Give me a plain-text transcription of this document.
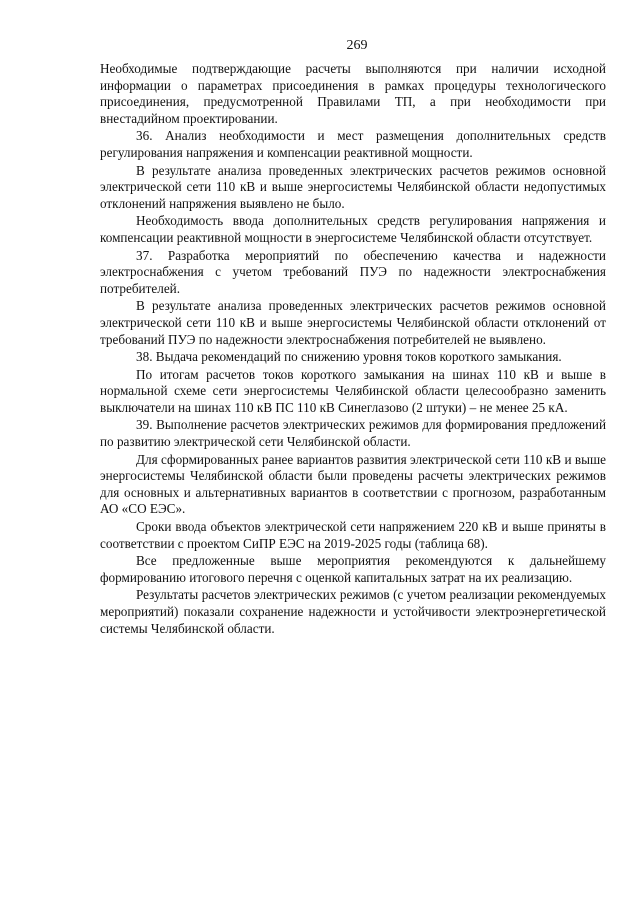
269

Необходимые подтверждающие расчеты выполняются при наличии исходной информации о параметрах присоединения в рамках процедуры технологического присоединения, предусмотренной Правилами ТП, а при необходимости при внестадийном проектировании.

36. Анализ необходимости и мест размещения дополнительных средств регулирования напряжения и компенсации реактивной мощности.

В результате анализа проведенных электрических расчетов режимов основной электрической сети 110 кВ и выше энергосистемы Челябинской области недопустимых отклонений напряжения выявлено не было.

Необходимость ввода дополнительных средств регулирования напряжения и компенсации реактивной мощности в энергосистеме Челябинской области отсутствует.

37. Разработка мероприятий по обеспечению качества и надежности электроснабжения с учетом требований ПУЭ по надежности электроснабжения потребителей.

В результате анализа проведенных электрических расчетов режимов основной электрической сети 110 кВ и выше энергосистемы Челябинской области отклонений от требований ПУЭ по надежности электроснабжения потребителей не выявлено.

38. Выдача рекомендаций по снижению уровня токов короткого замыкания.

По итогам расчетов токов короткого замыкания на шинах 110 кВ и выше в нормальной схеме сети энергосистемы Челябинской области целесообразно заменить выключатели на шинах 110 кВ ПС 110 кВ Синеглазово (2 штуки) – не менее 25 кА.

39. Выполнение расчетов электрических режимов для формирования предложений по развитию электрической сети Челябинской области.

Для сформированных ранее вариантов развития электрической сети 110 кВ и выше энергосистемы Челябинской области были проведены расчеты электрических режимов для основных и альтернативных вариантов в соответствии с прогнозом, разработанным АО «СО ЕЭС».

Сроки ввода объектов электрической сети напряжением 220 кВ и выше приняты в соответствии с проектом СиПР ЕЭС на 2019-2025 годы (таблица 68).

Все предложенные выше мероприятия рекомендуются к дальнейшему формированию итогового перечня с оценкой капитальных затрат на их реализацию.

Результаты расчетов электрических режимов (с учетом реализации рекомендуемых мероприятий) показали сохранение надежности и устойчивости электроэнергетической системы Челябинской области.
